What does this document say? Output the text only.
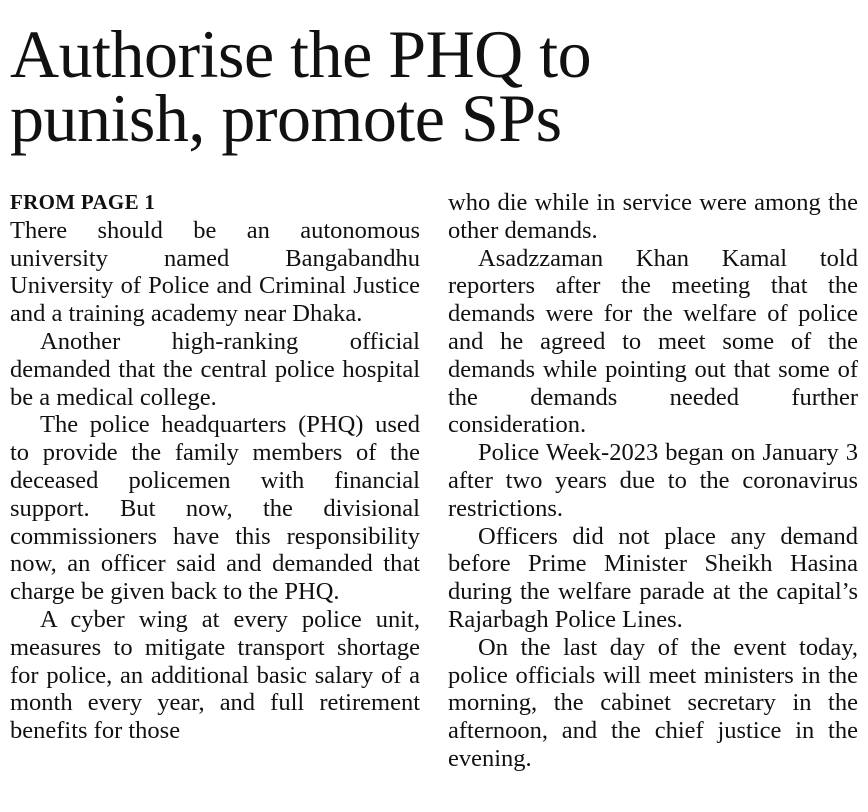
Authorise the PHQ to
punish, promote SPs
FROM PAGE 1

There should be an autonomous university named Bangabandhu University of Police and Criminal Justice and a training academy near Dhaka.

Another high-ranking official demanded that the central police hospital be a medical college.

The police headquarters (PHQ) used to provide the family members of the deceased policemen with financial support. But now, the divisional commissioners have this responsibility now, an officer said and demanded that charge be given back to the PHQ.

A cyber wing at every police unit, measures to mitigate transport shortage for police, an additional basic salary of a month every year, and full retirement benefits for those

who die while in service were among the other demands.

Asadzzaman Khan Kamal told reporters after the meeting that the demands were for the welfare of police and he agreed to meet some of the demands while pointing out that some of the demands needed further consideration.

Police Week-2023 began on January 3 after two years due to the coronavirus restrictions.

Officers did not place any demand before Prime Minister Sheikh Hasina during the welfare parade at the capital’s Rajarbagh Police Lines.

On the last day of the event today, police officials will meet ministers in the morning, the cabinet secretary in the afternoon, and the chief justice in the evening.
